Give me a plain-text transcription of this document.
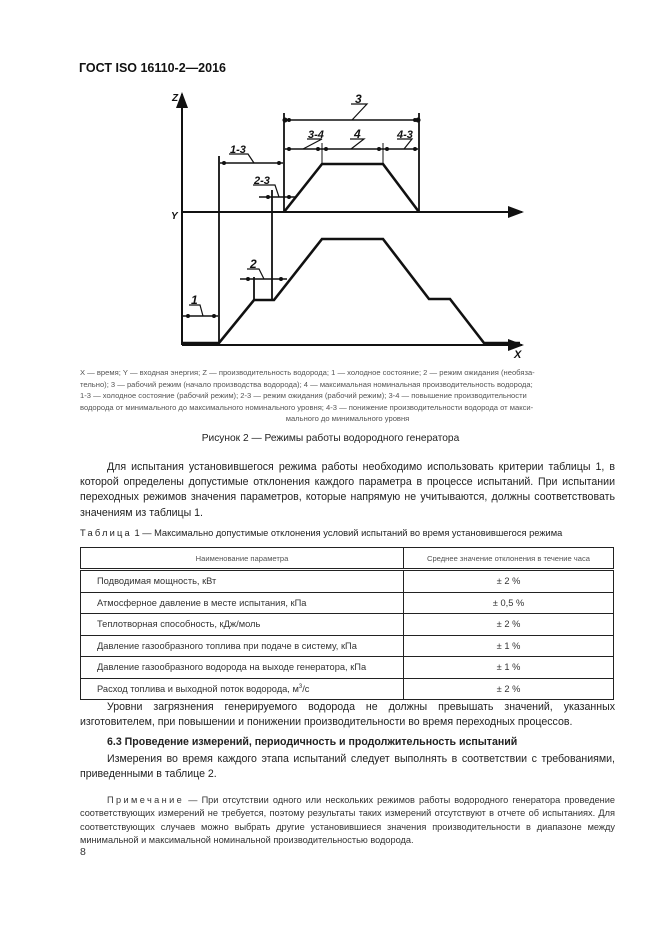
ГОСТ ISO 16110-2—2016
Z
Y
X
3
3-4	4	4-3
1-3
2-3
2
1
X — время; Y — входная энергия; Z — производительность водорода; 1 — холодное состояние; 2 — режим ожидания (необяза-
тельно); 3 — рабочий режим (начало производства водорода); 4 — максимальная номинальная производительность водорода;
1-3 — холодное состояние (рабочий режим); 2-3 — режим ожидания (рабочий режим); 3-4 — повышение производительности
водорода от минимального до максимального номинального уровня; 4-3 — понижение производительности водорода от макси-
мального до минимального уровня
Рисунок 2 — Режимы работы водородного генератора
Для испытания установившегося режима работы необходимо использовать критерии таблицы 1, в которой определены допустимые отклонения каждого параметра в процессе испытаний. При испытании переходных режимов значения параметров, которые напрямую не учитываются, должны соответствовать значениям из таблицы 1.
Таблица 1 — Максимально допустимые отклонения условий испытаний во время установившегося режима
Наименование параметра	Среднее значение отклонения в течение часа
Подводимая мощность, кВт	± 2 %
Атмосферное давление в месте испытания, кПа	± 0,5 %
Теплотворная способность, кДж/моль	± 2 %
Давление газообразного топлива при подаче в систему, кПа	± 1 %
Давление газообразного водорода на выходе генератора, кПа	± 1 %
Расход топлива и выходной поток водорода, $м^3/с$	± 2 %
Уровни загрязнения генерируемого водорода не должны превышать значений, указанных изготовителем, при повышении и понижении производительности во время переходных процессов.
6.3 Проведение измерений, периодичность и продолжительность испытаний
Измерения во время каждого этапа испытаний следует выполнять в соответствии с требованиями, приведенными в таблице 2.
Примечание — При отсутствии одного или нескольких режимов работы водородного генератора проведение соответствующих измерений не требуется, поэтому результаты таких измерений отсутствуют в отчете об испытаниях. Для соответствующих случаев можно выбрать другие установившиеся значения производительности в диапазоне между минимальной и максимальной номинальной производительностью водорода.
8
